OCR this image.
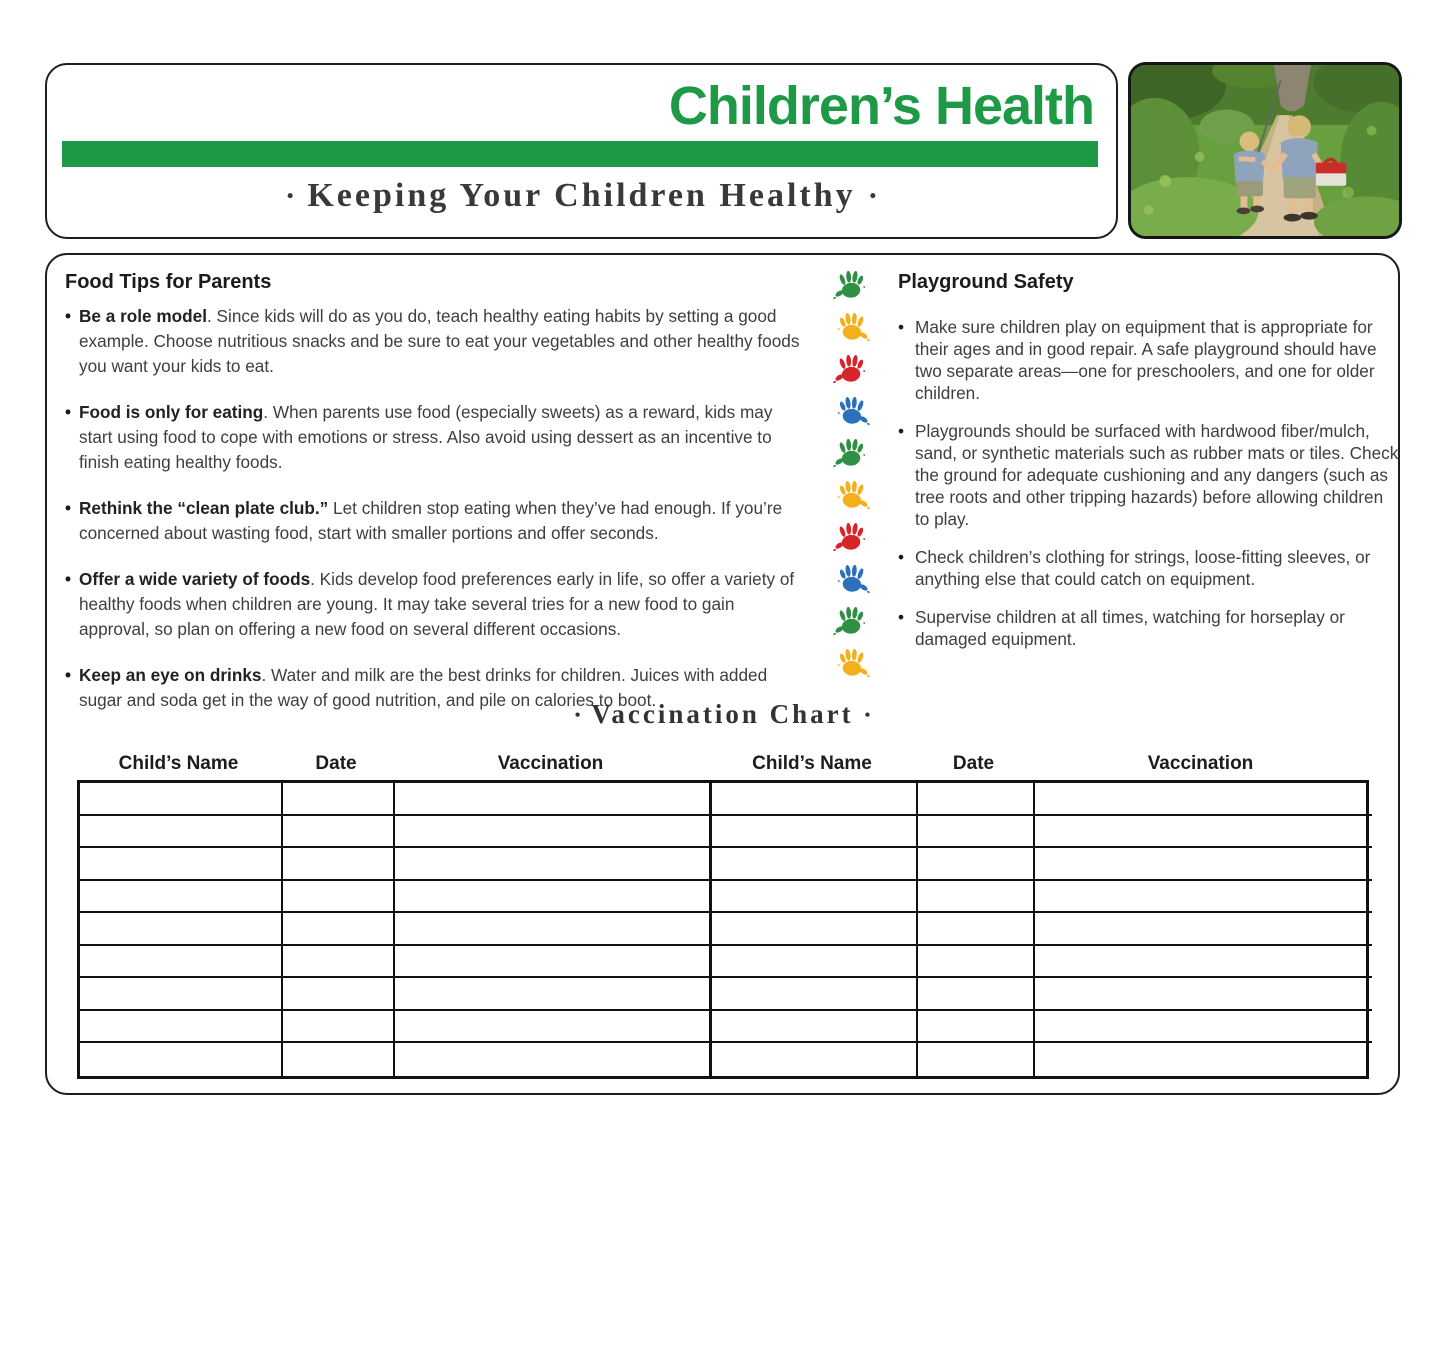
Children’s Health
• Keeping Your Children Healthy •
Food Tips for Parents
• Be a role model. Since kids will do as you do, teach healthy eating habits by setting a good example. Choose nutritious snacks and be sure to eat your vegetables and other healthy foods you want your kids to eat.
• Food is only for eating. When parents use food (especially sweets) as a reward, kids may start using food to cope with emotions or stress. Also avoid using dessert as an incentive to finish eating healthy foods.
• Rethink the “clean plate club.” Let children stop eating when they’ve had enough. If you’re concerned about wasting food, start with smaller portions and offer seconds.
• Offer a wide variety of foods. Kids develop food preferences early in life, so offer a variety of healthy foods when children are young. It may take several tries for a new food to gain approval, so plan on offering a new food on several different occasions.
• Keep an eye on drinks. Water and milk are the best drinks for children. Juices with added sugar and soda get in the way of good nutrition, and pile on calories to boot.
Playground Safety
• Make sure children play on equipment that is appropriate for their ages and in good repair. A safe playground should have two separate areas—one for preschoolers, and one for older children.
• Playgrounds should be surfaced with hardwood fiber/mulch, sand, or synthetic materials such as rubber mats or tiles. Check the ground for adequate cushioning and any dangers (such as tree roots and other tripping hazards) before allowing children to play.
• Check children’s clothing for strings, loose-fitting sleeves, or anything else that could catch on equipment.
• Supervise children at all times, watching for horseplay or damaged equipment.
• Vaccination Chart •
Child’s Name	Date	Vaccination	Child’s Name	Date	Vaccination
